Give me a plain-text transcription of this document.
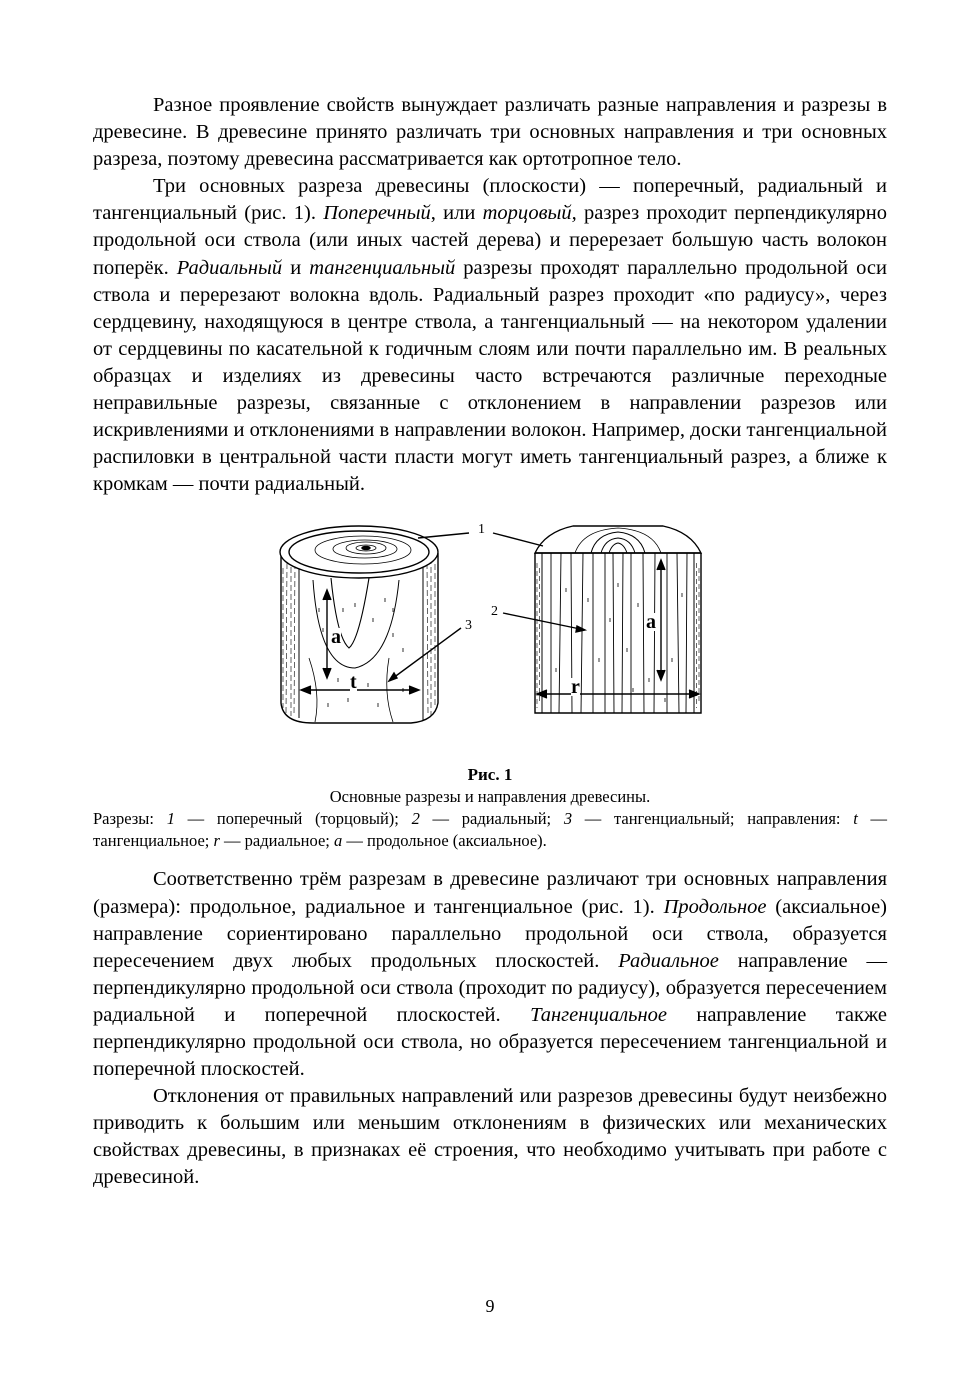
Разное проявление свойств вынуждает различать разные направления и разрезы в древесине. В древесине принято различать три основных направления и три основных разреза, поэтому древесина рассматривается как ортотропное тело.

Три основных разреза древесины (плоскости) — поперечный, радиальный и тангенциальный (рис. 1). Поперечный, или торцовый, разрез проходит перпендикулярно продольной оси ствола (или иных частей дерева) и перерезает большую часть волокон поперёк. Радиальный и тангенциальный разрезы проходят параллельно продольной оси ствола и перерезают волокна вдоль. Радиальный разрез проходит «по радиусу», через сердцевину, находящуюся в центре ствола, а тангенциальный — на некотором удалении от сердцевины по касательной к годичным слоям или почти параллельно им. В реальных образцах и изделиях из древесины часто встречаются различные переходные неправильные разрезы, связанные с отклонением в направлении разрезов или искривлениями и отклонениями в направлении волокон. Например, доски тангенциальной распиловки в центральной части пласти могут иметь тангенциальный разрез, а ближе к кромкам — почти радиальный.

1
2
3
a
a
t	r
Рис. 1

Основные разрезы и направления древесины.

Разрезы: 1 — поперечный (торцовый); 2 — радиальный; 3 — тангенциальный; направления: t — тангенциальное; r — радиальное; a — продольное (аксиальное).

Соответственно трём разрезам в древесине различают три основных направления (размера): продольное, радиальное и тангенциальное (рис. 1). Продольное (аксиальное) направление сориентировано параллельно продольной оси ствола, образуется пересечением двух любых продольных плоскостей. Радиальное направление — перпендикулярно продольной оси ствола (проходит по радиусу), образуется пересечением радиальной и поперечной плоскостей. Тангенциальное направление также перпендикулярно продольной оси ствола, но образуется пересечением тангенциальной и поперечной плоскостей.

Отклонения от правильных направлений или разрезов древесины будут неизбежно приводить к большим или меньшим отклонениям в физических или механических свойствах древесины, в признаках её строения, что необходимо учитывать при работе с древесиной.

9
